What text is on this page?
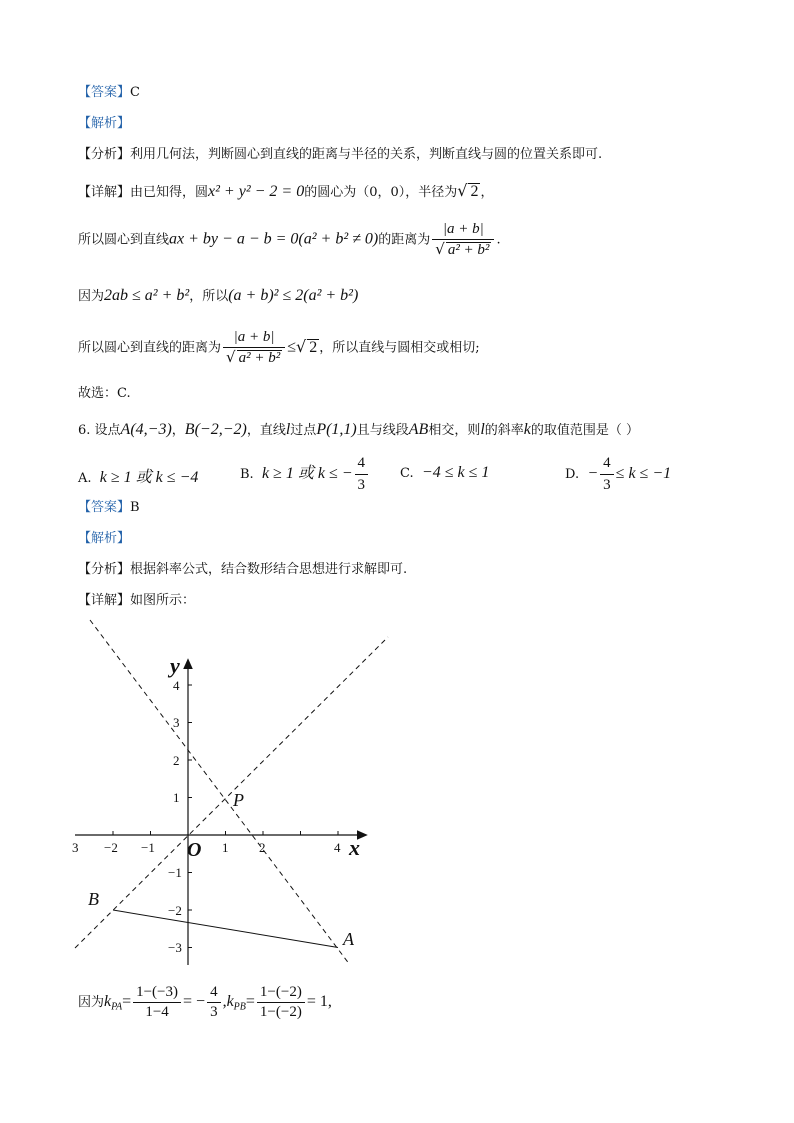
【答案】C
【解析】
【分析】利用几何法，判断圆心到直线的距离与半径的关系，判断直线与圆的位置关系即可.
【详解】由已知得，圆x² + y² − 2 = 0的圆心为（0，0），半径为√ 2 ，
所以圆心到直线ax + by − a − b = 0(a² + b² ≠ 0)的距离为 $\frac{|a + b|}{\text{√ a² + b²}}$ .
因为2ab ≤ a² + b²，所以(a + b)² ≤ 2(a² + b²)
所以圆心到直线的距离为 $\frac{|a + b|}{\text{√ a² + b²}}$ ≤√ 2 ，所以直线与圆相交或相切;
故选：C.
6. 设点A(4,−3)，B(−2,−2)，直线l过点P(1,1)且与线段AB相交，则l的斜率k的取值范围是（ ）
A. k ≥ 1 或 k ≤ −4	B. k ≥ 1 或 k ≤ − $\frac{4}{3} C$. −4 ≤ k ≤ 1	D. − $\frac{4}{3} \le k \le -1$
【答案】B
【解析】
【分析】根据斜率公式，结合数形结合思想进行求解即可.
【详解】如图所示：
3 −2 −1	1 2	4
4
3
2
1
−1
−2
−3
y
x
O
P
A
B
因为$k_{PA}= \frac{1-(-3)}{1-4}$ = − $\frac{4}{3} ,k_{PB}= \frac{1-(-2)}{1-(-2)} = 1$,
